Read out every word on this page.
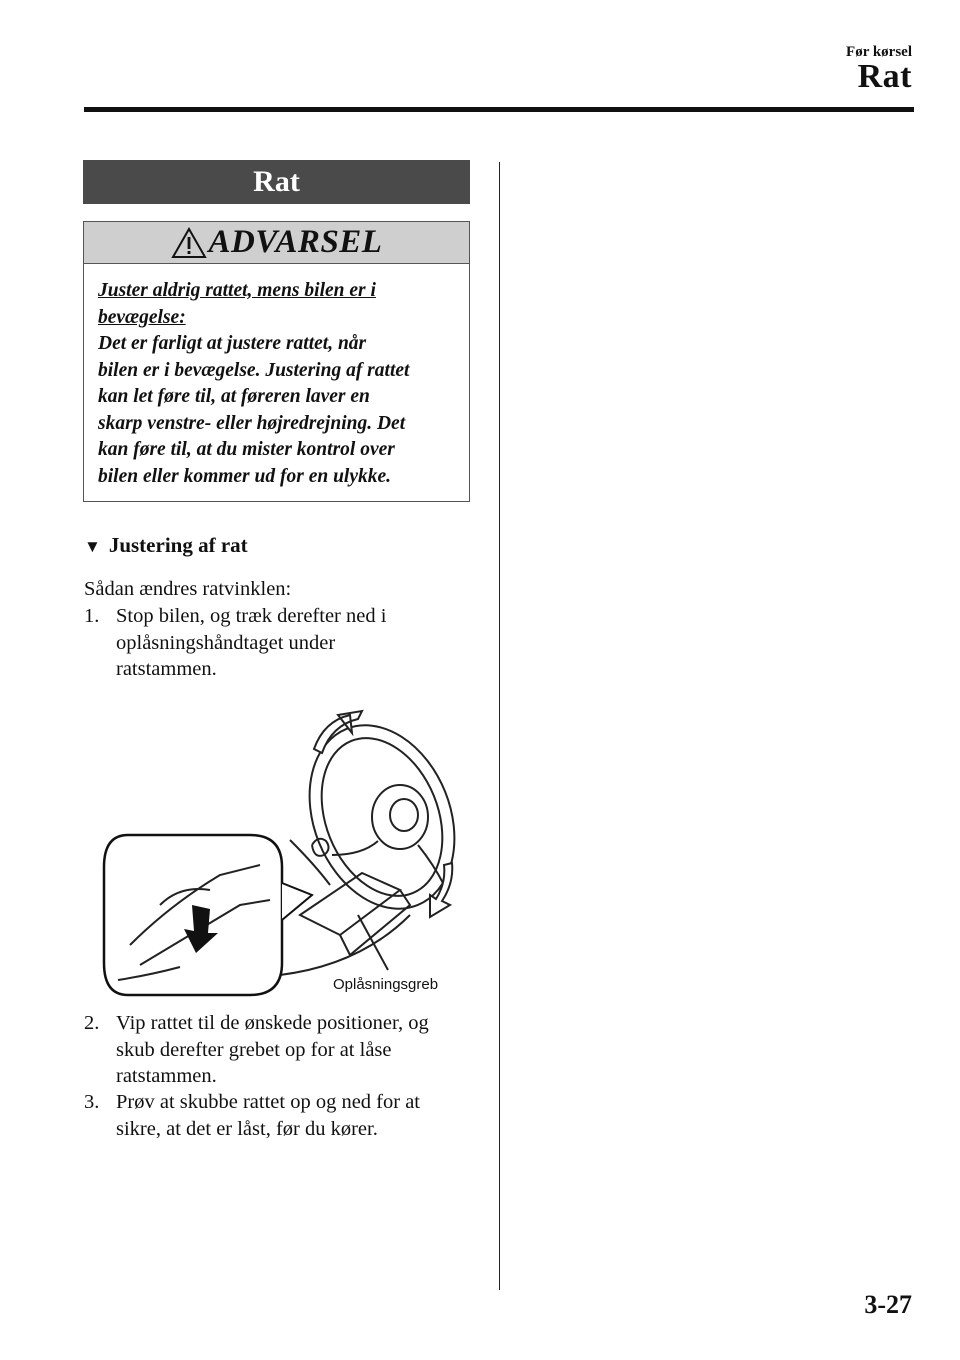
Før kørsel
Rat
Rat
ADVARSEL
Juster aldrig rattet, mens bilen er i
bevægelse:
Det er farligt at justere rattet, når
bilen er i bevægelse. Justering af rattet
kan let føre til, at føreren laver en
skarp venstre- eller højredrejning. Det
kan føre til, at du mister kontrol over
bilen eller kommer ud for en ulykke.
▼ Justering af rat
Sådan ændres ratvinklen:
1. Stop bilen, og træk derefter ned i
oplåsningshåndtaget under
ratstammen.
Oplåsningsgreb
2. Vip rattet til de ønskede positioner, og
skub derefter grebet op for at låse
ratstammen.
3. Prøv at skubbe rattet op og ned for at
sikre, at det er låst, før du kører.
3-27
